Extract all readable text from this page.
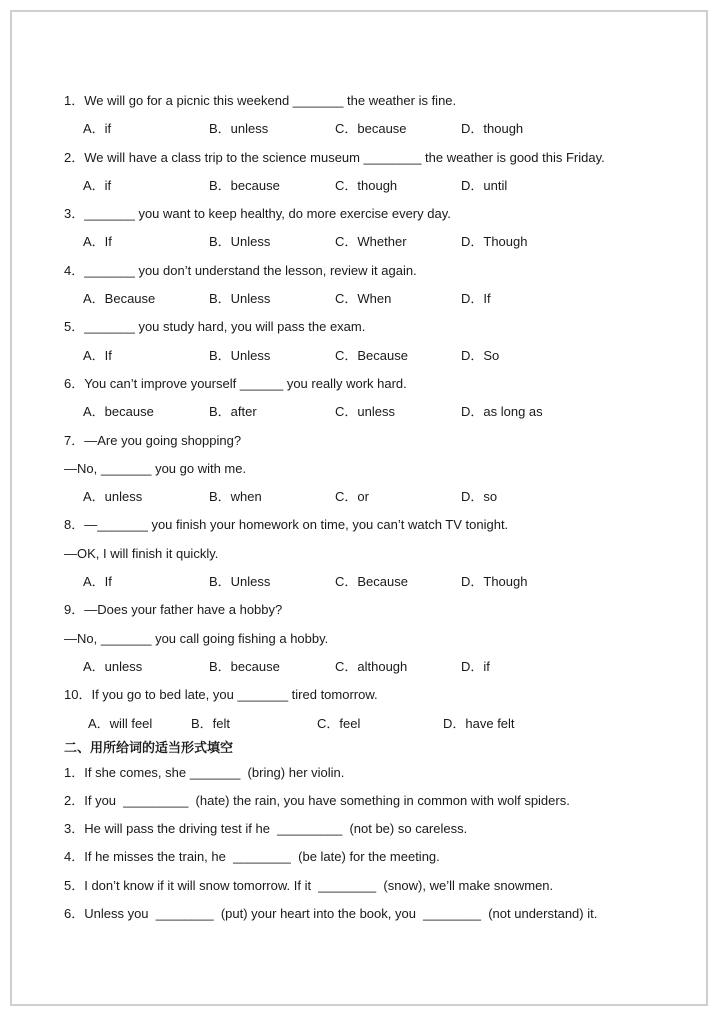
1．We will go for a picnic this weekend _______ the weather is fine.
A．if	B．unless	C．because	D．though
2．We will have a class trip to the science museum ________ the weather is good this Friday.
A．if	B．because	C．though	D．until
3．_______ you want to keep healthy, do more exercise every day.
A．If	B．Unless	C．Whether	D．Though
4．_______ you don’t understand the lesson, review it again.
A．Because	B．Unless	C．When	D．If
5．_______ you study hard, you will pass the exam.
A．If	B．Unless	C．Because	D．So
6．You can’t improve yourself ______ you really work hard.
A．because	B．after	C．unless	D．as long as
7．—Are you going shopping?
—No, _______ you go with me.
A．unless	B．when	C．or	D．so
8．—_______ you finish your homework on time, you can’t watch TV tonight.
—OK, I will finish it quickly.
A．If	B．Unless	C．Because	D．Though
9．—Does your father have a hobby?
—No, _______ you call going fishing a hobby.
A．unless	B．because	C．although	D．if
10．If you go to bed late, you _______ tired tomorrow.
A．will feel	B．felt	C．feel	D．have felt
二、用所给词的适当形式填空
1．If she comes, she _______  (bring) her violin.
2．If you  _________  (hate) the rain, you have something in common with wolf spiders.
3．He will pass the driving test if he  _________  (not be) so careless.
4．If he misses the train, he  ________  (be late) for the meeting.
5．I don’t know if it will snow tomorrow. If it  ________  (snow), we’ll make snowmen.
6．Unless you  ________  (put) your heart into the book, you  ________  (not understand) it.
